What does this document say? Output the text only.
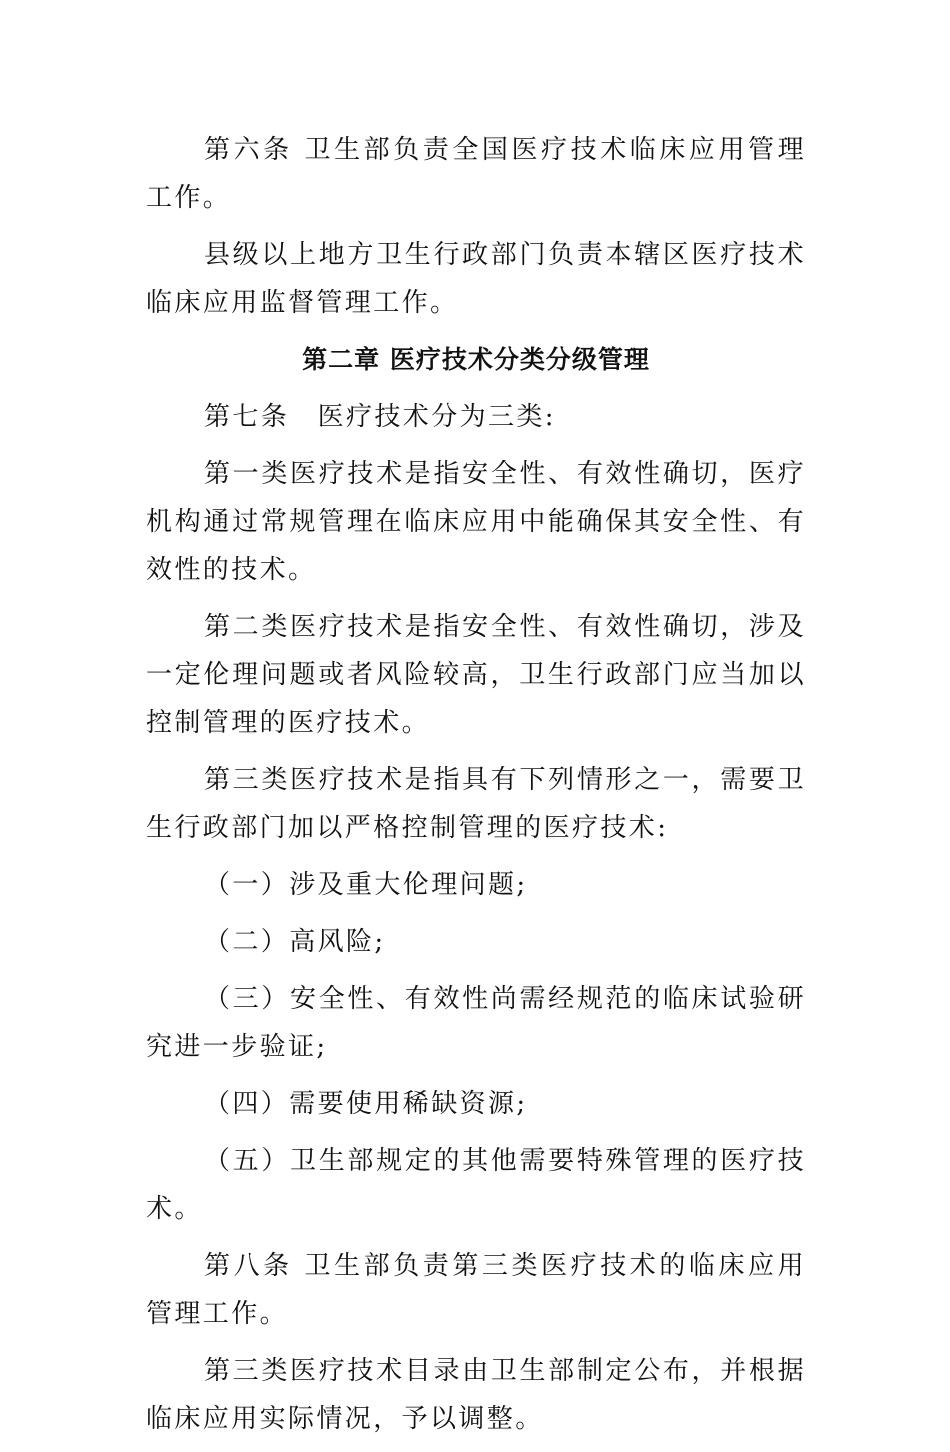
第六条 卫生部负责全国医疗技术临床应用管理工作。

县级以上地方卫生行政部门负责本辖区医疗技术临床应用监督管理工作。

第二章 医疗技术分类分级管理

第七条　医疗技术分为三类:

第一类医疗技术是指安全性、有效性确切，医疗机构通过常规管理在临床应用中能确保其安全性、有效性的技术。

第二类医疗技术是指安全性、有效性确切，涉及一定伦理问题或者风险较高，卫生行政部门应当加以控制管理的医疗技术。

第三类医疗技术是指具有下列情形之一，需要卫生行政部门加以严格控制管理的医疗技术:

（一）涉及重大伦理问题;

（二）高风险;

（三）安全性、有效性尚需经规范的临床试验研究进一步验证;

（四）需要使用稀缺资源;

（五）卫生部规定的其他需要特殊管理的医疗技术。

第八条 卫生部负责第三类医疗技术的临床应用管理工作。

第三类医疗技术目录由卫生部制定公布，并根据临床应用实际情况，予以调整。
